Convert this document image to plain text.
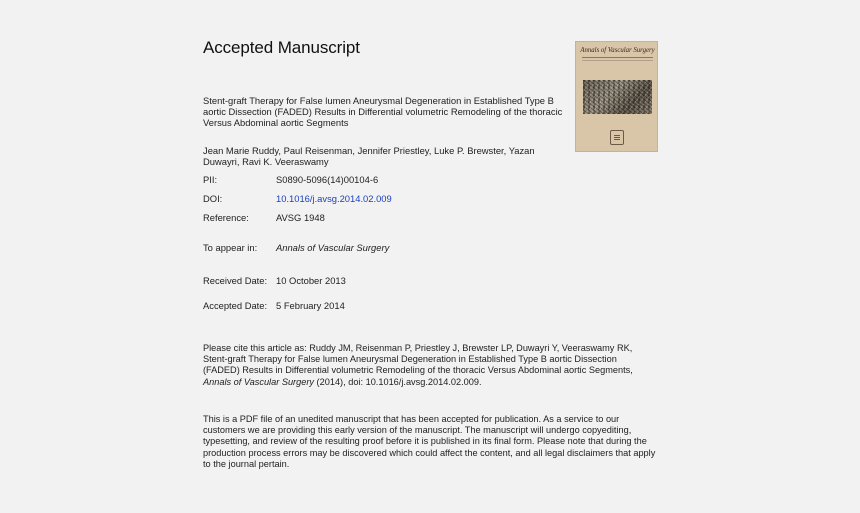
Accepted Manuscript
Stent-graft Therapy for False lumen Aneurysmal Degeneration in Established Type B aortic Dissection (FADED) Results in Differential volumetric Remodeling of the thoracic Versus Abdominal aortic Segments
Jean Marie Ruddy, Paul Reisenman, Jennifer Priestley, Luke P. Brewster, Yazan Duwayri, Ravi K. Veeraswamy
PII:	S0890-5096(14)00104-6
DOI:	10.1016/j.avsg.2014.02.009
Reference:	AVSG 1948
To appear in: Annals of Vascular Surgery
Received Date: 10 October 2013
Accepted Date: 5 February 2014
Please cite this article as: Ruddy JM, Reisenman P, Priestley J, Brewster LP, Duwayri Y, Veeraswamy RK, Stent-graft Therapy for False lumen Aneurysmal Degeneration in Established Type B aortic Dissection (FADED) Results in Differential volumetric Remodeling of the thoracic Versus Abdominal aortic Segments, Annals of Vascular Surgery (2014), doi: 10.1016/j.avsg.2014.02.009.
This is a PDF file of an unedited manuscript that has been accepted for publication. As a service to our customers we are providing this early version of the manuscript. The manuscript will undergo copyediting, typesetting, and review of the resulting proof before it is published in its final form. Please note that during the production process errors may be discovered which could affect the content, and all legal disclaimers that apply to the journal pertain.
Annals of Vascular Surgery
